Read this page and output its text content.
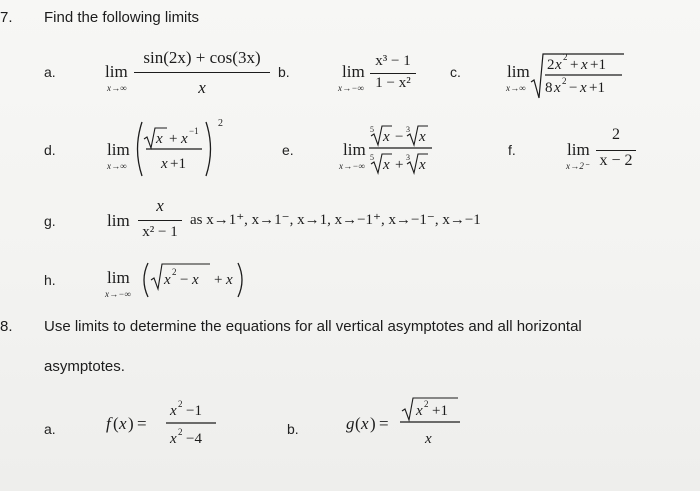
7. Find the following limits
a.	lim
x→∞
sin(2x) + cos(3x)
x
b.	lim
x→−∞
x³ − 1
1 − x²
c.	lim
x→∞
2 x 2 + x +1
8 x 2 − x +1
d.	lim
x→∞
x + x −1
x +1
2
e.	lim
x→−∞
5 x − 3 x
5 x + 3 x
f.	lim
x→2⁻
2
x − 2
g.	lim
x
x² − 1
as x→1⁺, x→1⁻, x→1, x→−1⁺, x→−1⁻, x→−1
h.	lim
x→−∞
x 2 − x + x
8. Use limits to determine the equations for all vertical asymptotes and all horizontal
asymptotes.
a.	f ( x ) =
x 2 −1
x 2 −4
b.	g ( x ) =
x 2 +1
x
